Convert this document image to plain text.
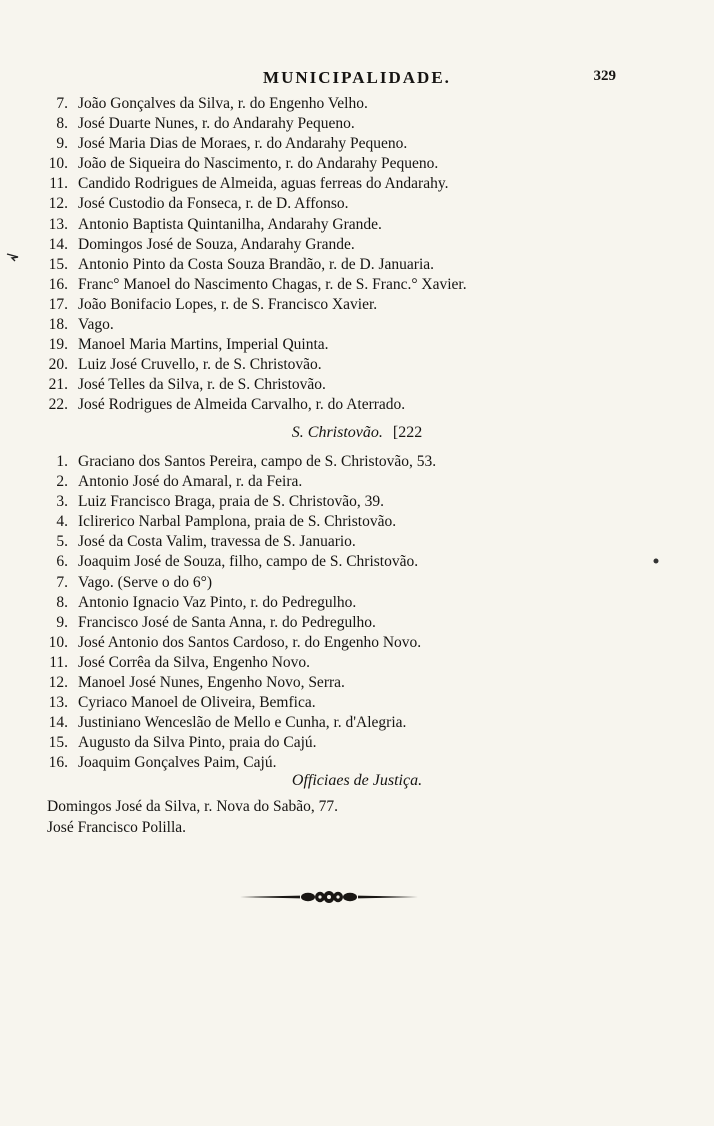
MUNICIPALIDADE.	329
7. João Gonçalves da Silva, r. do Engenho Velho.
8. José Duarte Nunes, r. do Andarahy Pequeno.
9. José Maria Dias de Moraes, r. do Andarahy Pequeno.
10. João de Siqueira do Nascimento, r. do Andarahy Pequeno.
11. Candido Rodrigues de Almeida, aguas ferreas do Andarahy.
12. José Custodio da Fonseca, r. de D. Affonso.
13. Antonio Baptista Quintanilha, Andarahy Grande.
14. Domingos José de Souza, Andarahy Grande.
15. Antonio Pinto da Costa Souza Brandão, r. de D. Januaria.
16. Franc° Manoel do Nascimento Chagas, r. de S. Franc.° Xavier.
17. João Bonifacio Lopes, r. de S. Francisco Xavier.
18. Vago.
19. Manoel Maria Martins, Imperial Quinta.
20. Luiz José Cruvello, r. de S. Christovão.
21. José Telles da Silva, r. de S. Christovão.
22. José Rodrigues de Almeida Carvalho, r. do Aterrado.
S. Christovão. [222
1. Graciano dos Santos Pereira, campo de S. Christovão, 53.
2. Antonio José do Amaral, r. da Feira.
3. Luiz Francisco Braga, praia de S. Christovão, 39.
4. Iclirerico Narbal Pamplona, praia de S. Christovão.
5. José da Costa Valim, travessa de S. Januario.
6. Joaquim José de Souza, filho, campo de S. Christovão.
7. Vago. (Serve o do 6°)
8. Antonio Ignacio Vaz Pinto, r. do Pedregulho.
9. Francisco José de Santa Anna, r. do Pedregulho.
10. José Antonio dos Santos Cardoso, r. do Engenho Novo.
11. José Corrêa da Silva, Engenho Novo.
12. Manoel José Nunes, Engenho Novo, Serra.
13. Cyriaco Manoel de Oliveira, Bemfica.
14. Justiniano Wenceslão de Mello e Cunha, r. d'Alegria.
15. Augusto da Silva Pinto, praia do Cajú.
16. Joaquim Gonçalves Paim, Cajú.
Officiaes de Justiça.
Domingos José da Silva, r. Nova do Sabão, 77.
José Francisco Polilla.
